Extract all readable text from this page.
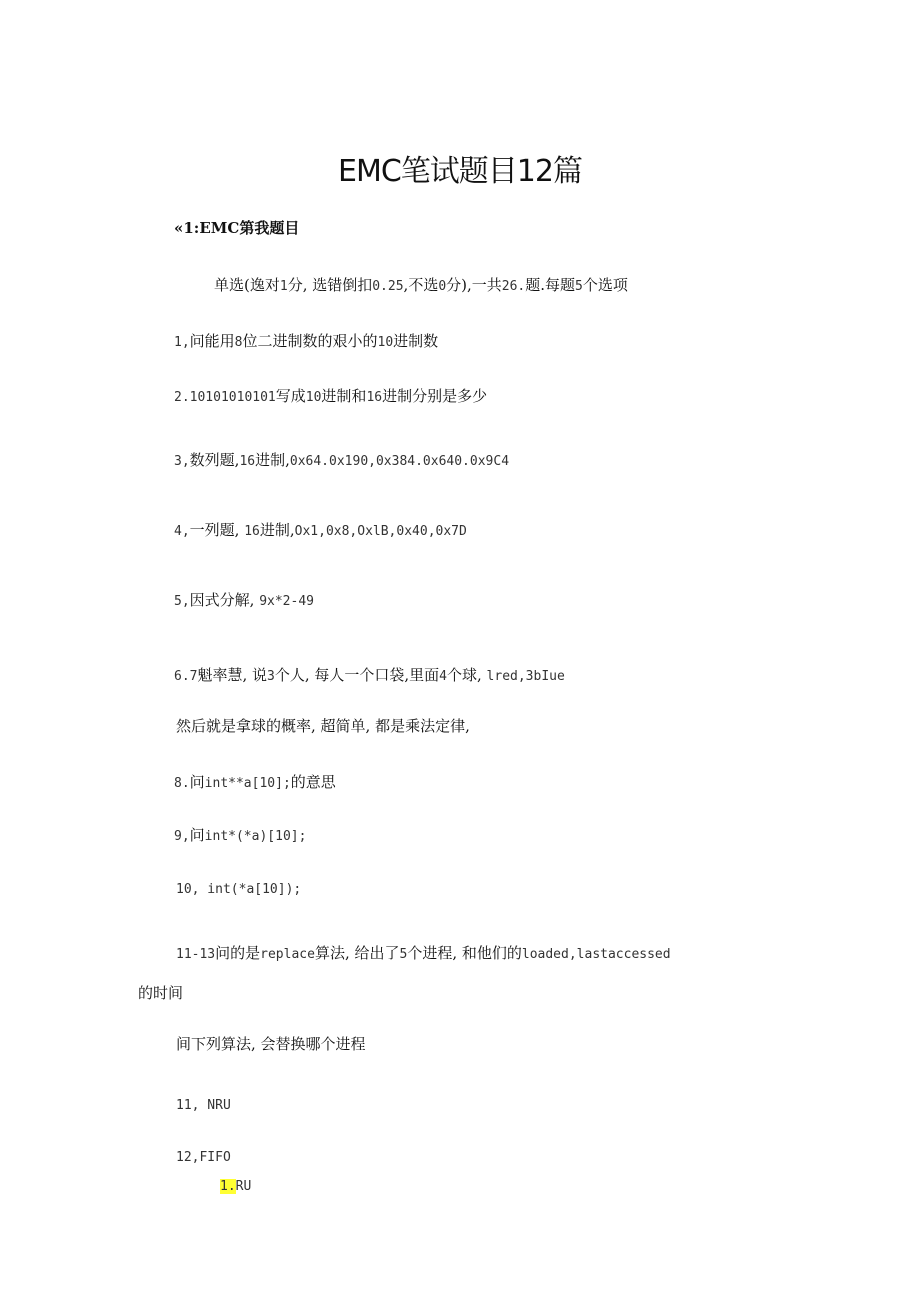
EMC笔试题目12篇

«1:EMC第我题目

单选(逸对1分, 选错倒扣0.25,不选0分),一共26.题.每题5个选项

1,问能用8位二进制数的艰小的10进制数

2.10101010101写成10进制和16进制分别是多少

3,数列题,16进制,0x64.0x190,0x384.0x640.0x9C4

4,一列题, 16进制,Ox1,0x8,OxlB,0x40,0x7D

5,因式分解, 9x*2-49

6.7魁率慧, 说3个人, 每人一个口袋,里面4个球, lred,3bIue

然后就是拿球的概率, 超简单, 都是乘法定律,

8.问int**a[10];的意思

9,问int*(*a)[10];

10, int(*a[10]);

11-13问的是replace算法, 给出了5个进程, 和他们的loaded,lastaccessed

的时间

间下列算法, 会替换哪个进程

11, NRU

12,FIFO

1.RU
